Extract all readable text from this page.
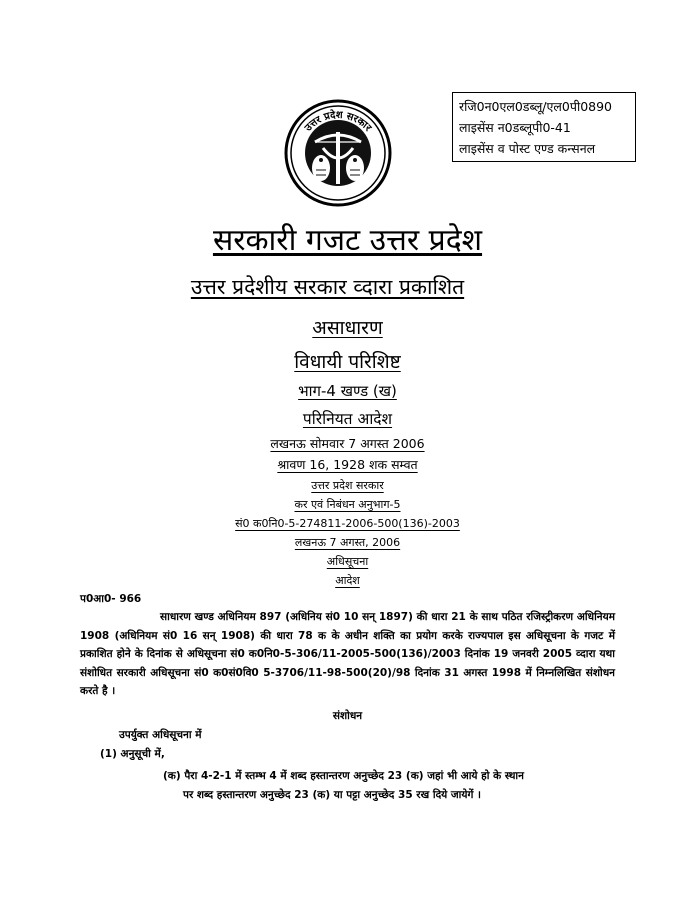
उत्तर प्रदेश सरकार
रजि0न0एल0डब्लू/एल0पी0890
लाइसेंस न0डब्लूपी0-41
लाइसेंस व पोस्ट एण्ड कन्सनल
सरकारी गजट उत्तर प्रदेश
उत्तर प्रदेशीय सरकार व्दारा प्रकाशित
असाधारण
विधायी परिशिष्ट
भाग-4 खण्ड (ख)
परिनियत आदेश
लखनऊ सोमवार 7 अगस्त 2006
श्रावण 16, 1928 शक सम्वत
उत्तर प्रदेश सरकार
कर एवं निबंधन अनुभाग-5
सं0 क0नि0-5-274811-2006-500(136)-2003
लखनऊ 7 अगस्त, 2006
अधिसूचना
आदेश
प0आ0- 966
साधारण खण्ड अधिनियम 897 (अधिनिय सं0 10 सन् 1897) की धारा 21 के साथ पठित रजिस्ट्रीकरण अधिनियम 1908 (अधिनियम सं0 16 सन् 1908) की धारा 78 क के अधीन शक्ति का प्रयोग करके राज्यपाल इस अधिसूचना के गजट में प्रकाशित होने के दिनांक से अधिसूचना सं0 क0नि0-5-306/11-2005-500(136)/2003 दिनांक 19 जनवरी 2005 व्दारा यथा संशोधित सरकारी अधिसूचना सं0 क0सं0वि0 5-3706/11-98-500(20)/98 दिनांक 31 अगस्त 1998 में निम्नलिखित संशोधन करते है ।
संशोधन
उपर्युक्त अधिसूचना में
(1) अनुसूची में,
(क) पैरा 4-2-1 में स्तम्भ 4 में शब्द हस्तान्तरण अनुच्छेद 23 (क) जहां भी आये हो के स्थान
पर शब्द हस्तान्तरण अनुच्छेद 23 (क) या पट्टा अनुच्छेद 35 रख दिये जायेगें ।
